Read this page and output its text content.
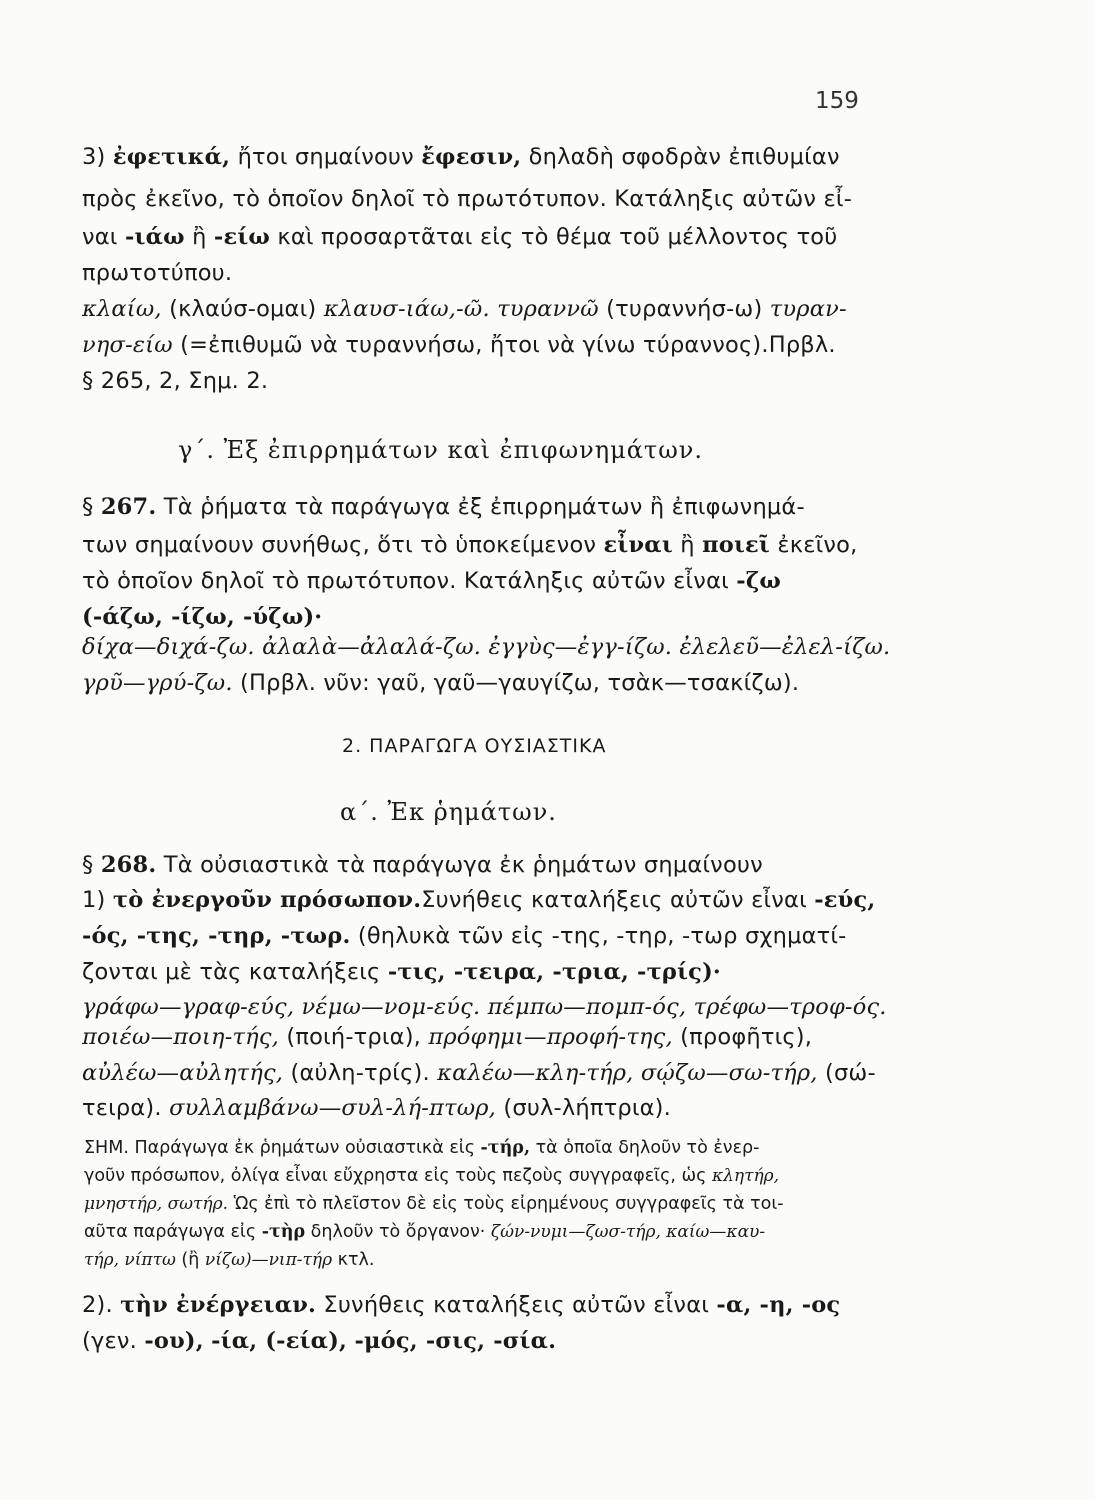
159
3) ἐφετικά, ἤτοι σημαίνουν ἔφεσιν, δηλαδὴ σφοδρὰν ἐπιθυμίαν
πρὸς ἐκεῖνο, τὸ ὁποῖον δηλοῖ τὸ πρωτότυπον. Κατάληξις αὐτῶν εἶ-
ναι -ιάω ἢ -είω καὶ προσαρτᾶται εἰς τὸ θέμα τοῦ μέλλοντος τοῦ
πρωτοτύπου.
κλαίω, (κλαύσ-ομαι) κλαυσ-ιάω,-ῶ. τυραννῶ (τυραννήσ-ω) τυραν-
νησ-είω (=ἐπιθυμῶ νὰ τυραννήσω, ἤτοι νὰ γίνω τύραννος).Πρβλ.
§ 265, 2, Σημ. 2.
γ΄. Ἐξ ἐπιρρημάτων καὶ ἐπιφωνημάτων.
§ 267. Τὰ ῥήματα τὰ παράγωγα ἐξ ἐπιρρημάτων ἢ ἐπιφωνημά-
των σημαίνουν συνήθως, ὅτι τὸ ὑποκείμενον εἶναι ἢ ποιεῖ ἐκεῖνο,
τὸ ὁποῖον δηλοῖ τὸ πρωτότυπον. Κατάληξις αὐτῶν εἶναι -ζω
(-άζω, -ίζω, -ύζω)·
δίχα—διχά-ζω. ἀλαλὰ—ἀλαλά-ζω. ἐγγὺς—ἐγγ-ίζω. ἐλελεῦ—ἐλελ-ίζω.
γρῦ—γρύ-ζω. (Πρβλ. νῦν: γαῦ, γαῦ—γαυγίζω, τσὰκ—τσακίζω).
2. ΠΑΡΑΓΩΓΑ ΟΥΣΙΑΣΤΙΚΑ
α΄. Ἐκ ῥημάτων.
§ 268. Τὰ οὐσιαστικὰ τὰ παράγωγα ἐκ ῥημάτων σημαίνουν
1) τὸ ἐνεργοῦν πρόσωπον.Συνήθεις καταλήξεις αὐτῶν εἶναι -εύς,
-ός, -της, -τηρ, -τωρ. (θηλυκὰ τῶν εἰς -της, -τηρ, -τωρ σχηματί-
ζονται μὲ τὰς καταλήξεις -τις, -τειρα, -τρια, -τρίς)·
γράφω—γραφ-εύς, νέμω—νομ-εύς. πέμπω—πομπ-ός, τρέφω—τροφ-ός.
ποιέω—ποιη-τής, (ποιή-τρια), πρόφημι—προφή-της, (προφῆτις),
αὐλέω—αὐλητής, (αὐλη-τρίς). καλέω—κλη-τήρ, σῴζω—σω-τήρ, (σώ-
τειρα). συλλαμβάνω—συλ-λή-πτωρ, (συλ-λήπτρια).
ΣΗΜ. Παράγωγα ἐκ ῥημάτων οὐσιαστικὰ εἰς -τήρ, τὰ ὁποῖα δηλοῦν τὸ ἐνερ-
γοῦν πρόσωπον, ὀλίγα εἶναι εὔχρηστα εἰς τοὺς πεζοὺς συγγραφεῖς, ὡς κλητήρ,
μνηστήρ, σωτήρ. Ὡς ἐπὶ τὸ πλεῖστον δὲ εἰς τοὺς εἰρημένους συγγραφεῖς τὰ τοι-
αῦτα παράγωγα εἰς -τὴρ δηλοῦν τὸ ὄργανον· ζών-νυμι—ζωσ-τήρ, καίω—καυ-
τήρ, νίπτω (ἢ νίζω)—νιπ-τήρ κτλ.
2). τὴν ἐνέργειαν. Συνήθεις καταλήξεις αὐτῶν εἶναι -α, -η, -ος
(γεν. -ου), -ία, (-εία), -μός, -σις, -σία.
